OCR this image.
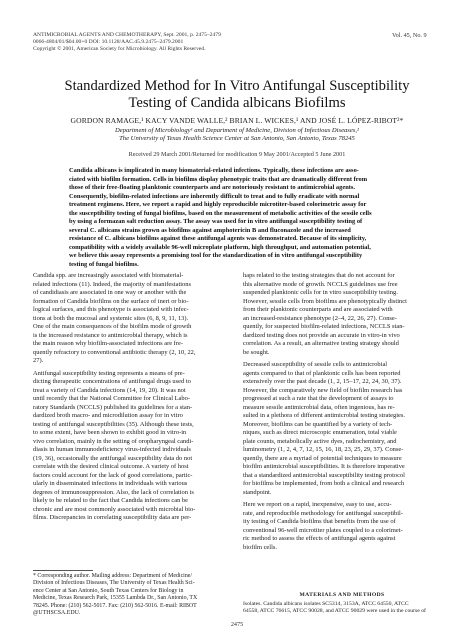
ANTIMICROBIAL AGENTS AND CHEMOTHERAPY, Sept. 2001, p. 2475–2479
0066-4804/01/$04.00+0 DOI: 10.1128/AAC.45.9.2475–2479.2001
Copyright © 2001, American Society for Microbiology. All Rights Reserved.
Vol. 45, No. 9
Standardized Method for In Vitro Antifungal Susceptibility
Testing of Candida albicans Biofilms
GORDON RAMAGE,¹ KACY VANDE WALLE,² BRIAN L. WICKES,¹ AND JOSÉ L. LÓPEZ-RIBOT²*
Department of Microbiology¹ and Department of Medicine, Division of Infectious Diseases,²
The University of Texas Health Science Center at San Antonio, San Antonio, Texas 78245
Received 29 March 2001/Returned for modification 9 May 2001/Accepted 5 June 2001
Candida albicans is implicated in many biomaterial-related infections. Typically, these infections are asso-
ciated with biofilm formation. Cells in biofilms display phenotypic traits that are dramatically different from
those of their free-floating planktonic counterparts and are notoriously resistant to antimicrobial agents.
Consequently, biofilm-related infections are inherently difficult to treat and to fully eradicate with normal
treatment regimens. Here, we report a rapid and highly reproducible microtiter-based colorimetric assay for
the susceptibility testing of fungal biofilms, based on the measurement of metabolic activities of the sessile cells
by using a formazan salt reduction assay. The assay was used for in vitro antifungal susceptibility testing of
several C. albicans strains grown as biofilms against amphotericin B and fluconazole and the increased
resistance of C. albicans biofilms against these antifungal agents was demonstrated. Because of its simplicity,
compatibility with a widely available 96-well microplate platform, high throughput, and automation potential,
we believe this assay represents a promising tool for the standardization of in vitro antifungal susceptibility
testing of fungal biofilms.
Candida spp. are increasingly associated with biomaterial-
related infections (11). Indeed, the majority of manifestations
of candidiasis are associated in one way or another with the
formation of Candida biofilms on the surface of inert or bio-
logical surfaces, and this phenotype is associated with infec-
tions at both the mucosal and systemic sites (6, 8, 9, 11, 13).
One of the main consequences of the biofilm mode of growth
is the increased resistance to antimicrobial therapy, which is
the main reason why biofilm-associated infections are fre-
quently refractory to conventional antibiotic therapy (2, 10, 22,
27).
Antifungal susceptibility testing represents a means of pre-
dicting therapeutic concentrations of antifungal drugs used to
treat a variety of Candida infections (14, 19, 20). It was not
until recently that the National Committee for Clinical Labo-
ratory Standards (NCCLS) published its guidelines for a stan-
dardized broth macro- and microdilution assay for in vitro
testing of antifungal susceptibilities (35). Although these tests,
to some extent, have been shown to exhibit good in vitro-in
vivo correlation, mainly in the setting of oropharyngeal candi-
diasis in human immunodeficiency virus-infected individuals
(19, 36), occasionally the antifungal susceptibility data do not
correlate with the desired clinical outcome. A variety of host
factors could account for the lack of good correlations, partic-
ularly in disseminated infections in individuals with various
degrees of immunosuppression. Also, the lack of correlation is
likely to be related to the fact that Candida infections can be
chronic and are most commonly associated with microbial bio-
films. Discrepancies in correlating susceptibility data are per-
haps related to the testing strategies that do not account for
this alternative mode of growth. NCCLS guidelines use free
suspended planktonic cells for in vitro susceptibility testing.
However, sessile cells from biofilms are phenotypically distinct
from their planktonic counterparts and are associated with
an increased-resistance phenotype (2–4, 22, 26, 27). Conse-
quently, for suspected biofilm-related infections, NCCLS stan-
dardized testing does not provide an accurate in vitro-in vivo
correlation. As a result, an alternative testing strategy should
be sought.
Decreased susceptibility of sessile cells to antimicrobial
agents compared to that of planktonic cells has been reported
extensively over the past decade (1, 2, 15–17, 22, 24, 30, 37).
However, the comparatively new field of biofilm research has
progressed at such a rate that the development of assays to
measure sessile antimicrobial data, often ingenious, has re-
sulted in a plethora of different antimicrobial testing strategies.
Moreover, biofilms can be quantified by a variety of tech-
niques, such as direct microscopic enumeration, total viable
plate counts, metabolically active dyes, radiochemistry, and
luminometry (1, 2, 4, 7, 12, 15, 16, 18, 23, 25, 29, 37). Conse-
quently, there are a myriad of potential techniques to measure
biofilm antimicrobial susceptibilities. It is therefore imperative
that a standardized antimicrobial susceptibility testing protocol
for biofilms be implemented, from both a clinical and research
standpoint.
Here we report on a rapid, inexpensive, easy to use, accu-
rate, and reproducible methodology for antifungal susceptibil-
ity testing of Candida biofilms that benefits from the use of
conventional 96-well microtiter plates coupled to a colorimet-
ric method to assess the effects of antifungal agents against
biofilm cells.
* Corresponding author. Mailing address: Department of Medicine/
Division of Infectious Diseases, The University of Texas Health Sci-
ence Center at San Antonio, South Texas Centers for Biology in
Medicine, Texas Research Park, 15355 Lambda Dr., San Antonio, TX
78245. Phone: (210) 562-5017. Fax: (210) 562-5016. E-mail: RIBOT
@UTHSCSA.EDU.
MATERIALS AND METHODS
Isolates. Candida albicans isolates SC5314, 3153A, ATCC 64550, ATCC
64558, ATCC 76615, ATCC 90028, and ATCC 90029 were used in the course of
2475
